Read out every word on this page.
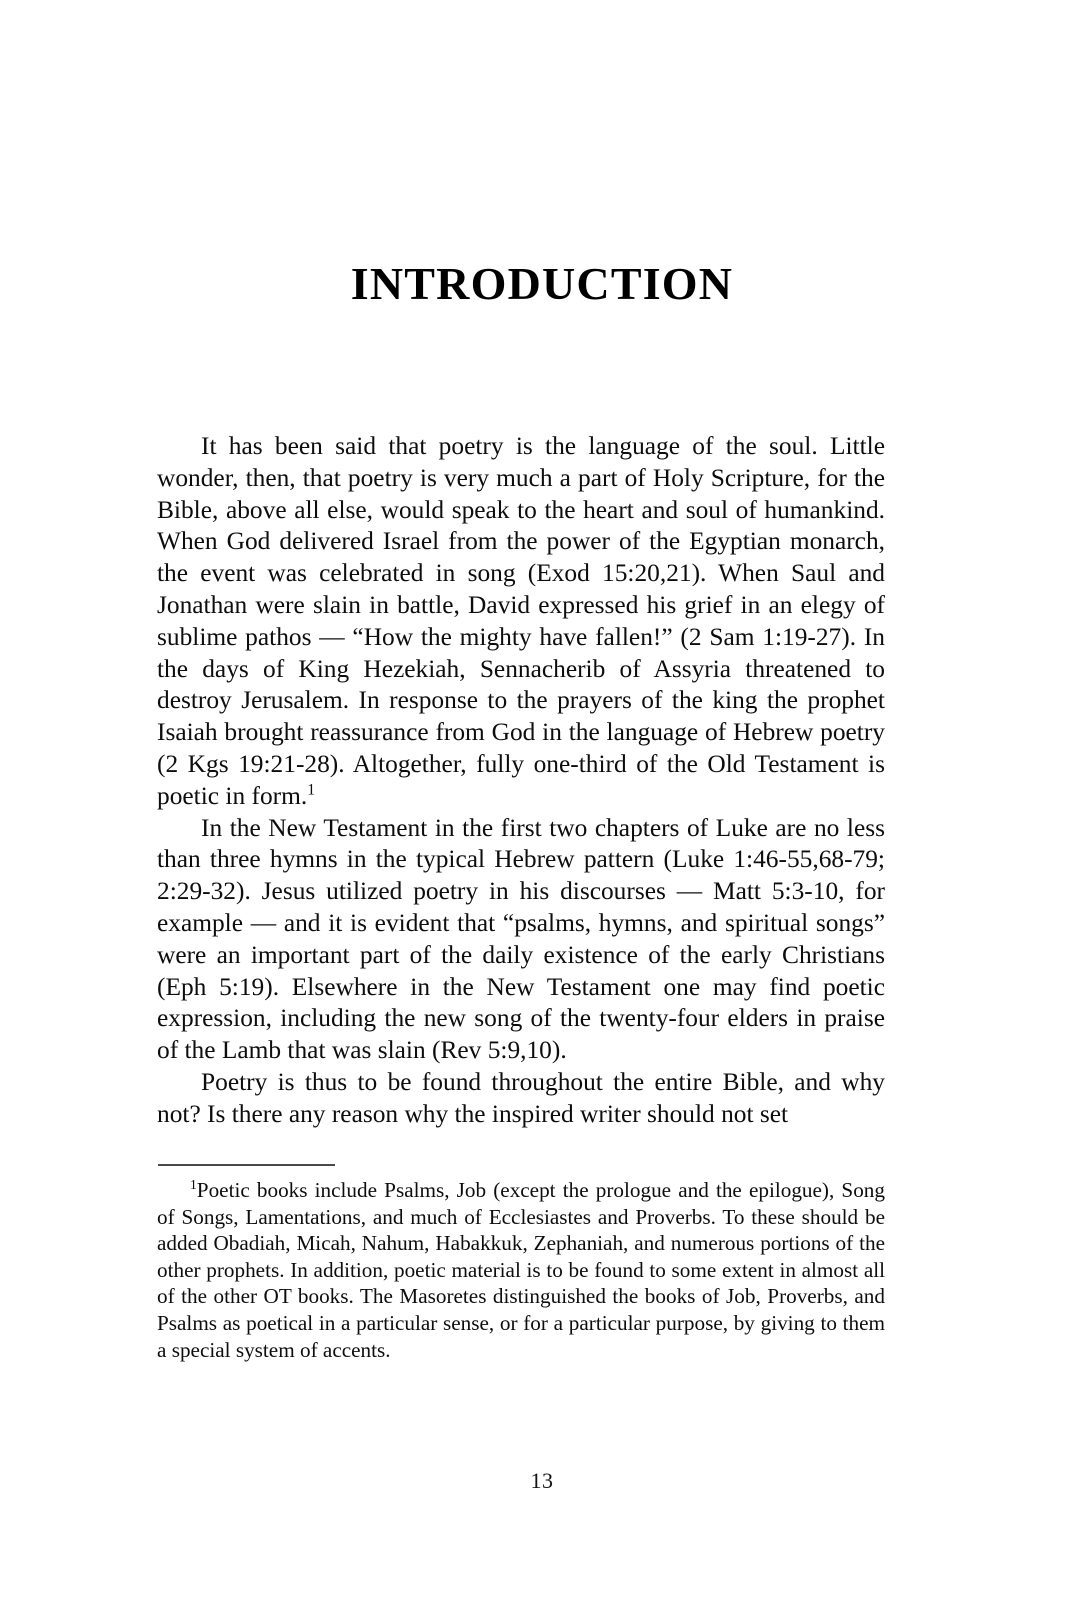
INTRODUCTION

It has been said that poetry is the language of the soul. Little wonder, then, that poetry is very much a part of Holy Scripture, for the Bible, above all else, would speak to the heart and soul of humankind. When God delivered Israel from the power of the Egyptian monarch, the event was celebrated in song (Exod 15:20,21). When Saul and Jonathan were slain in battle, David expressed his grief in an elegy of sublime pathos — “How the mighty have fallen!” (2 Sam 1:19-27). In the days of King Hezekiah, Sennacherib of Assyria threatened to destroy Jerusalem. In response to the prayers of the king the prophet Isaiah brought reassurance from God in the language of Hebrew poetry (2 Kgs 19:21-28). Altogether, fully one-third of the Old Testament is poetic in form.$^1$

In the New Testament in the first two chapters of Luke are no less than three hymns in the typical Hebrew pattern (Luke 1:46-55,68-79; 2:29-32). Jesus utilized poetry in his discourses — Matt 5:3-10, for example — and it is evident that “psalms, hymns, and spiritual songs” were an important part of the daily existence of the early Christians (Eph 5:19). Elsewhere in the New Testament one may find poetic expression, including the new song of the twenty-four elders in praise of the Lamb that was slain (Rev 5:9,10).

Poetry is thus to be found throughout the entire Bible, and why not? Is there any reason why the inspired writer should not set

$^1$Poetic books include Psalms, Job (except the prologue and the epilogue), Song of Songs, Lamentations, and much of Ecclesiastes and Proverbs. To these should be added Obadiah, Micah, Nahum, Habakkuk, Zephaniah, and numerous portions of the other prophets. In addition, poetic material is to be found to some extent in almost all of the other OT books. The Masoretes distinguished the books of Job, Proverbs, and Psalms as poetical in a particular sense, or for a particular purpose, by giving to them a special system of accents.

13
